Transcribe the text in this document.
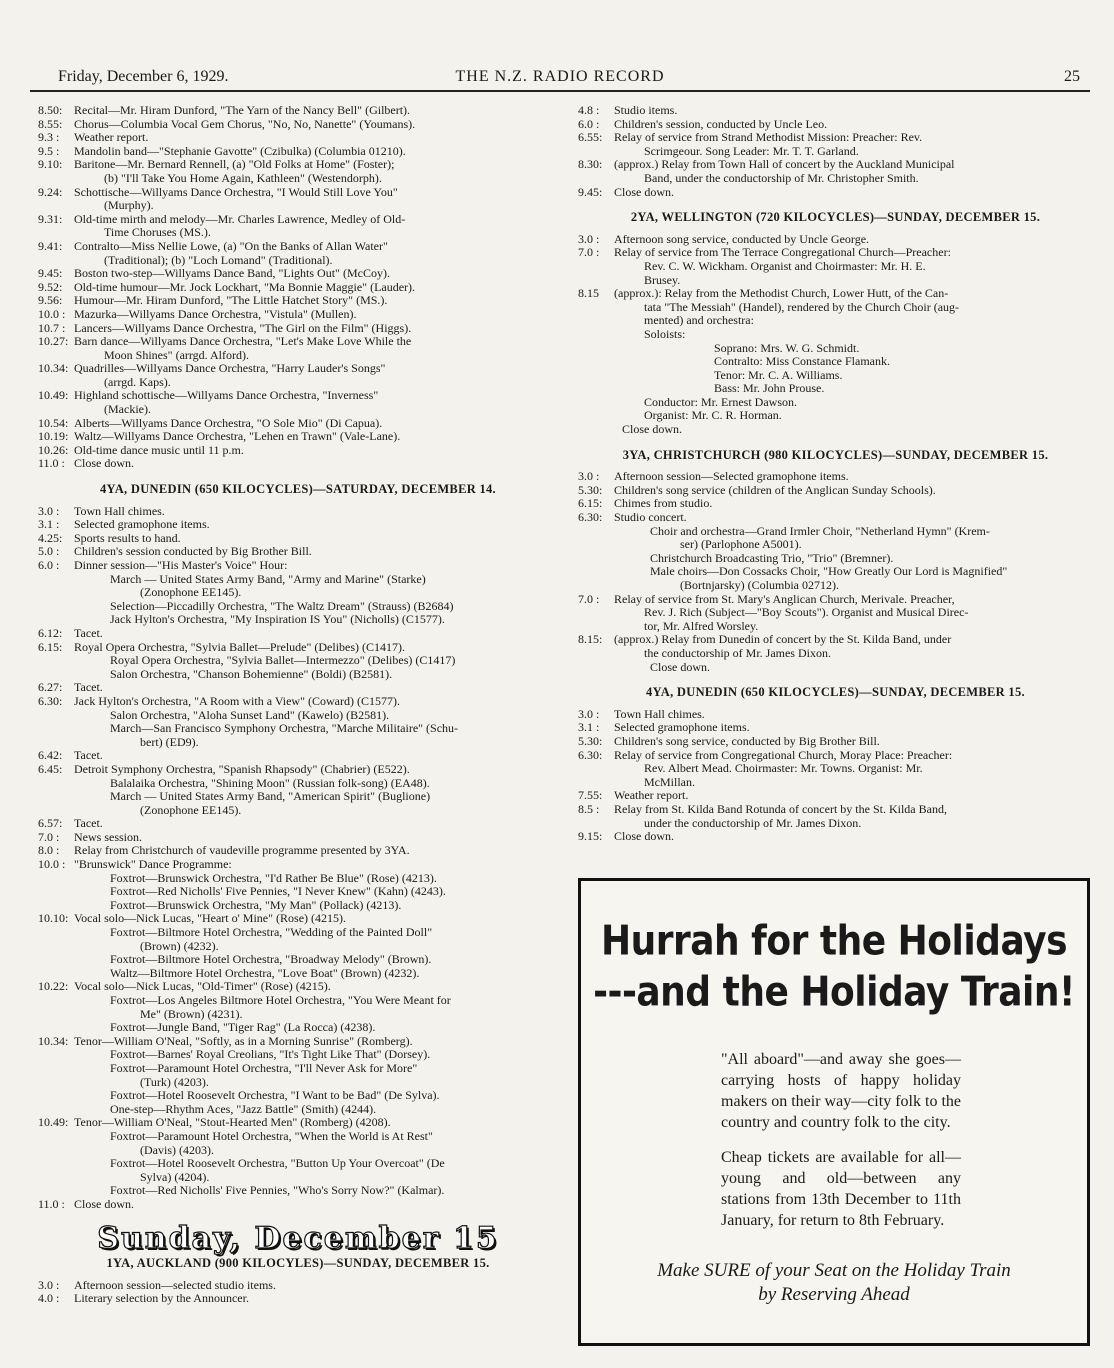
Friday, December 6, 1929.	THE N.Z. RADIO RECORD	25
8.50: Recital—Mr. Hiram Dunford, "The Yarn of the Nancy Bell" (Gilbert).
8.55: Chorus—Columbia Vocal Gem Chorus, "No, No, Nanette" (Youmans).
9.3 :	Weather report.
9.5 :	Mandolin band—"Stephanie Gavotte" (Czibulka) (Columbia 01210).
9.10: Baritone—Mr. Bernard Rennell, (a) "Old Folks at Home" (Foster);
(b) "I'll Take You Home Again, Kathleen" (Westendorph).
9.24: Schottische—Willyams Dance Orchestra, "I Would Still Love You"
(Murphy).
9.31: Old-time mirth and melody—Mr. Charles Lawrence, Medley of Old-
Time Choruses (MS.).
9.41: Contralto—Miss Nellie Lowe, (a) "On the Banks of Allan Water"
(Traditional); (b) "Loch Lomand" (Traditional).
9.45: Boston two-step—Willyams Dance Band, "Lights Out" (McCoy).
9.52: Old-time humour—Mr. Jock Lockhart, "Ma Bonnie Maggie" (Lauder).
9.56: Humour—Mr. Hiram Dunford, "The Little Hatchet Story" (MS.).
10.0 : Mazurka—Willyams Dance Orchestra, "Vistula" (Mullen).
10.7 : Lancers—Willyams Dance Orchestra, "The Girl on the Film" (Higgs).
10.27: Barn dance—Willyams Dance Orchestra, "Let's Make Love While the
Moon Shines" (arrgd. Alford).
10.34: Quadrilles—Willyams Dance Orchestra, "Harry Lauder's Songs"
(arrgd. Kaps).
10.49: Highland schottische—Willyams Dance Orchestra, "Inverness"
(Mackie).
10.54: Alberts—Willyams Dance Orchestra, "O Sole Mio" (Di Capua).
10.19: Waltz—Willyams Dance Orchestra, "Lehen en Trawn" (Vale-Lane).
10.26: Old-time dance music until 11 p.m.
11.0 : Close down.
4YA, DUNEDIN (650 KILOCYCLES)—SATURDAY, DECEMBER 14.
3.0 :	Town Hall chimes.
3.1 :	Selected gramophone items.
4.25: Sports results to hand.
5.0 :	Children's session conducted by Big Brother Bill.
6.0 :	Dinner session—"His Master's Voice" Hour:
March — United States Army Band, "Army and Marine" (Starke)
(Zonophone EE145).
Selection—Piccadilly Orchestra, "The Waltz Dream" (Strauss) (B2684)
Jack Hylton's Orchestra, "My Inspiration IS You" (Nicholls) (C1577).
6.12: Tacet.
6.15: Royal Opera Orchestra, "Sylvia Ballet—Prelude" (Delibes) (C1417).
Royal Opera Orchestra, "Sylvia Ballet—Intermezzo" (Delibes) (C1417)
Salon Orchestra, "Chanson Bohemienne" (Boldi) (B2581).
6.27: Tacet.
6.30: Jack Hylton's Orchestra, "A Room with a View" (Coward) (C1577).
Salon Orchestra, "Aloha Sunset Land" (Kawelo) (B2581).
March—San Francisco Symphony Orchestra, "Marche Militaire" (Schu-
bert) (ED9).
6.42: Tacet.
6.45: Detroit Symphony Orchestra, "Spanish Rhapsody" (Chabrier) (E522).
Balalaika Orchestra, "Shining Moon" (Russian folk-song) (EA48).
March — United States Army Band, "American Spirit" (Buglione)
(Zonophone EE145).
6.57: Tacet.
7.0 :	News session.
8.0 :	Relay from Christchurch of vaudeville programme presented by 3YA.
10.0 : "Brunswick" Dance Programme:
Foxtrot—Brunswick Orchestra, "I'd Rather Be Blue" (Rose) (4213).
Foxtrot—Red Nicholls' Five Pennies, "I Never Knew" (Kahn) (4243).
Foxtrot—Brunswick Orchestra, "My Man" (Pollack) (4213).
10.10: Vocal solo—Nick Lucas, "Heart o' Mine" (Rose) (4215).
Foxtrot—Biltmore Hotel Orchestra, "Wedding of the Painted Doll"
(Brown) (4232).
Foxtrot—Biltmore Hotel Orchestra, "Broadway Melody" (Brown).
Waltz—Biltmore Hotel Orchestra, "Love Boat" (Brown) (4232).
10.22: Vocal solo—Nick Lucas, "Old-Timer" (Rose) (4215).
Foxtrot—Los Angeles Biltmore Hotel Orchestra, "You Were Meant for
Me" (Brown) (4231).
Foxtrot—Jungle Band, "Tiger Rag" (La Rocca) (4238).
10.34: Tenor—William O'Neal, "Softly, as in a Morning Sunrise" (Romberg).
Foxtrot—Barnes' Royal Creolians, "It's Tight Like That" (Dorsey).
Foxtrot—Paramount Hotel Orchestra, "I'll Never Ask for More"
(Turk) (4203).
Foxtrot—Hotel Roosevelt Orchestra, "I Want to be Bad" (De Sylva).
One-step—Rhythm Aces, "Jazz Battle" (Smith) (4244).
10.49: Tenor—William O'Neal, "Stout-Hearted Men" (Romberg) (4208).
Foxtrot—Paramount Hotel Orchestra, "When the World is At Rest"
(Davis) (4203).
Foxtrot—Hotel Roosevelt Orchestra, "Button Up Your Overcoat" (De
Sylva) (4204).
Foxtrot—Red Nicholls' Five Pennies, "Who's Sorry Now?" (Kalmar).
11.0 : Close down.
Sunday, December 15
1YA, AUCKLAND (900 KILOCYLES)—SUNDAY, DECEMBER 15.
3.0 :	Afternoon session—selected studio items.
4.0 :	Literary selection by the Announcer.
4.8 :	Studio items.
6.0 :	Children's session, conducted by Uncle Leo.
6.55: Relay of service from Strand Methodist Mission: Preacher: Rev.
Scrimgeour. Song Leader: Mr. T. T. Garland.
8.30: (approx.) Relay from Town Hall of concert by the Auckland Municipal
Band, under the conductorship of Mr. Christopher Smith.
9.45: Close down.
2YA, WELLINGTON (720 KILOCYCLES)—SUNDAY, DECEMBER 15.
3.0 :	Afternoon song service, conducted by Uncle George.
7.0 :	Relay of service from The Terrace Congregational Church—Preacher:
Rev. C. W. Wickham. Organist and Choirmaster: Mr. H. E.
Brusey.
8.15	(approx.): Relay from the Methodist Church, Lower Hutt, of the Can-
tata "The Messiah" (Handel), rendered by the Church Choir (aug-
mented) and orchestra:
Soloists:
Soprano: Mrs. W. G. Schmidt.
Contralto: Miss Constance Flamank.
Tenor: Mr. C. A. Williams.
Bass: Mr. John Prouse.
Conductor: Mr. Ernest Dawson.
Organist: Mr. C. R. Horman.
Close down.
3YA, CHRISTCHURCH (980 KILOCYCLES)—SUNDAY, DECEMBER 15.
3.0 :	Afternoon session—Selected gramophone items.
5.30: Children's song service (children of the Anglican Sunday Schools).
6.15: Chimes from studio.
6.30: Studio concert.
Choir and orchestra—Grand Irmler Choir, "Netherland Hymn" (Krem-
ser) (Parlophone A5001).
Christchurch Broadcasting Trio, "Trio" (Bremner).
Male choirs—Don Cossacks Choir, "How Greatly Our Lord is Magnified"
(Bortnjarsky) (Columbia 02712).
7.0 :	Relay of service from St. Mary's Anglican Church, Merivale. Preacher,
Rev. J. Rich (Subject—"Boy Scouts"). Organist and Musical Direc-
tor, Mr. Alfred Worsley.
8.15: (approx.) Relay from Dunedin of concert by the St. Kilda Band, under
the conductorship of Mr. James Dixon.
Close down.
4YA, DUNEDIN (650 KILOCYCLES)—SUNDAY, DECEMBER 15.
3.0 :	Town Hall chimes.
3.1 :	Selected gramophone items.
5.30: Children's song service, conducted by Big Brother Bill.
6.30: Relay of service from Congregational Church, Moray Place: Preacher:
Rev. Albert Mead. Choirmaster: Mr. Towns. Organist: Mr.
McMillan.
7.55: Weather report.
8.5 :	Relay from St. Kilda Band Rotunda of concert by the St. Kilda Band,
under the conductorship of Mr. James Dixon.
9.15: Close down.
Hurrah for the Holidays
---and the Holiday Train!
"All aboard"—and away she goes—carrying hosts of happy holiday makers on their way—city folk to the country and country folk to the city.
Cheap tickets are available for all—young and old—between any stations from 13th December to 11th January, for return to 8th February.
Make SURE of your Seat on the Holiday Train
by Reserving Ahead
